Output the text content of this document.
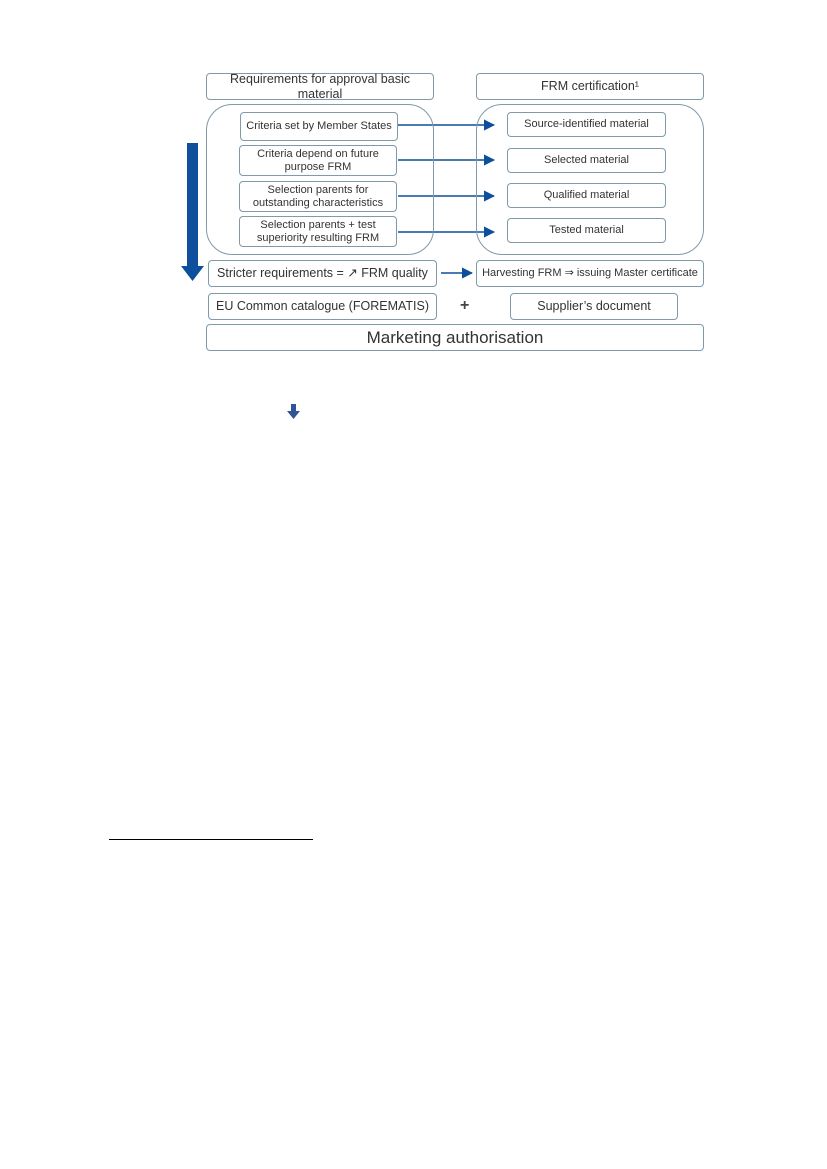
Requirements for approval basic material
FRM certification¹
Criteria set by Member States
Criteria depend on future purpose FRM
Selection parents for outstanding characteristics
Selection parents + test superiority resulting FRM
Source-identified material
Selected material
Qualified material
Tested material
Stricter requirements = ↗ FRM quality	Harvesting FRM ⇒ issuing Master certificate
EU Common catalogue (FOREMATIS)	+	Supplier’s document
Marketing authorisation
